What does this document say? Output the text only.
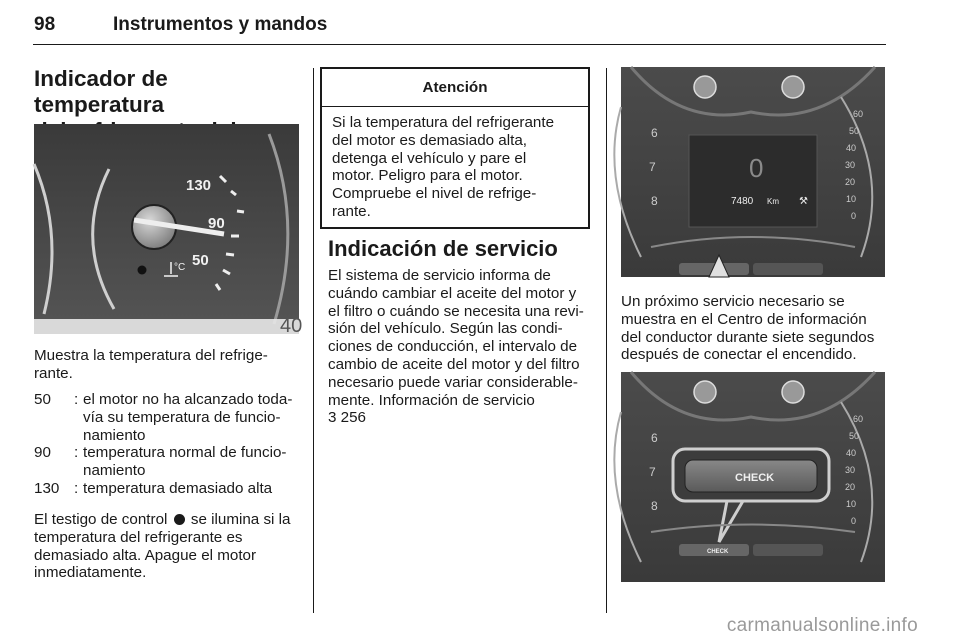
98	Instrumentos y mandos
Indicador de temperatura
130
90
50
°C
40
Muestra la temperatura del refrige-
rante.
50	: el motor no ha alcanzado toda-
vía su temperatura de funcio-
namiento
90	: temperatura normal de funcio-
namiento
130 : temperatura demasiado alta
El testigo de control se ilumina si la
temperatura del refrigerante es
demasiado alta. Apague el motor
inmediatamente.
Atención
Si la temperatura del refrigerante
del motor es demasiado alta,
detenga el vehículo y pare el
motor. Peligro para el motor.
Compruebe el nivel de refrige-
rante.
Indicación de servicio
El sistema de servicio informa de
cuándo cambiar el aceite del motor y
el filtro o cuándo se necesita una revi-
sión del vehículo. Según las condi-
ciones de conducción, el intervalo de
cambio de aceite del motor y del filtro
necesario puede variar considerable-
mente. Información de servicio
3 256
0
7480 Km ⚒
60
50
40
30
20
10
0
6
7
8
Un próximo servicio necesario se
muestra en el Centro de información
del conductor durante siete segundos
después de conectar el encendido.
CHECK
60
50
40
30
20
10
0
6
7
8
CHECK
carmanualsonline.info
